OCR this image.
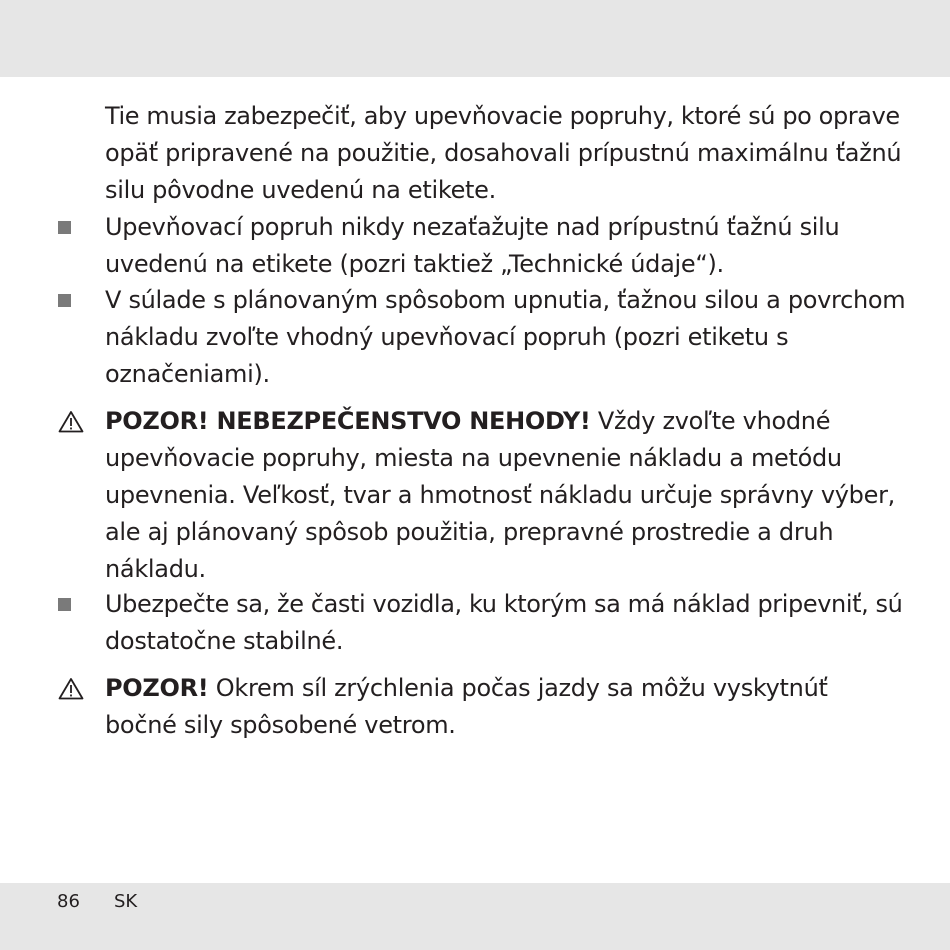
Tie musia zabezpečiť, aby upevňovacie popruhy, ktoré sú po oprave
opäť pripravené na použitie, dosahovali prípustnú maximálnu ťažnú
silu pôvodne uvedenú na etikete.
Upevňovací popruh nikdy nezaťažujte nad prípustnú ťažnú silu
uvedenú na etikete (pozri taktiež „Technické údaje“).
V súlade s plánovaným spôsobom upnutia, ťažnou silou a povrchom
nákladu zvoľte vhodný upevňovací popruh (pozri etiketu s
označeniami).
POZOR! NEBEZPEČENSTVO NEHODY! Vždy zvoľte vhodné
upevňovacie popruhy, miesta na upevnenie nákladu a metódu
upevnenia. Veľkosť, tvar a hmotnosť nákladu určuje správny výber,
ale aj plánovaný spôsob použitia, prepravné prostredie a druh
nákladu.
Ubezpečte sa, že časti vozidla, ku ktorým sa má náklad pripevniť, sú
dostatočne stabilné.
POZOR! Okrem síl zrýchlenia počas jazdy sa môžu vyskytnúť
bočné sily spôsobené vetrom.
86 SK
